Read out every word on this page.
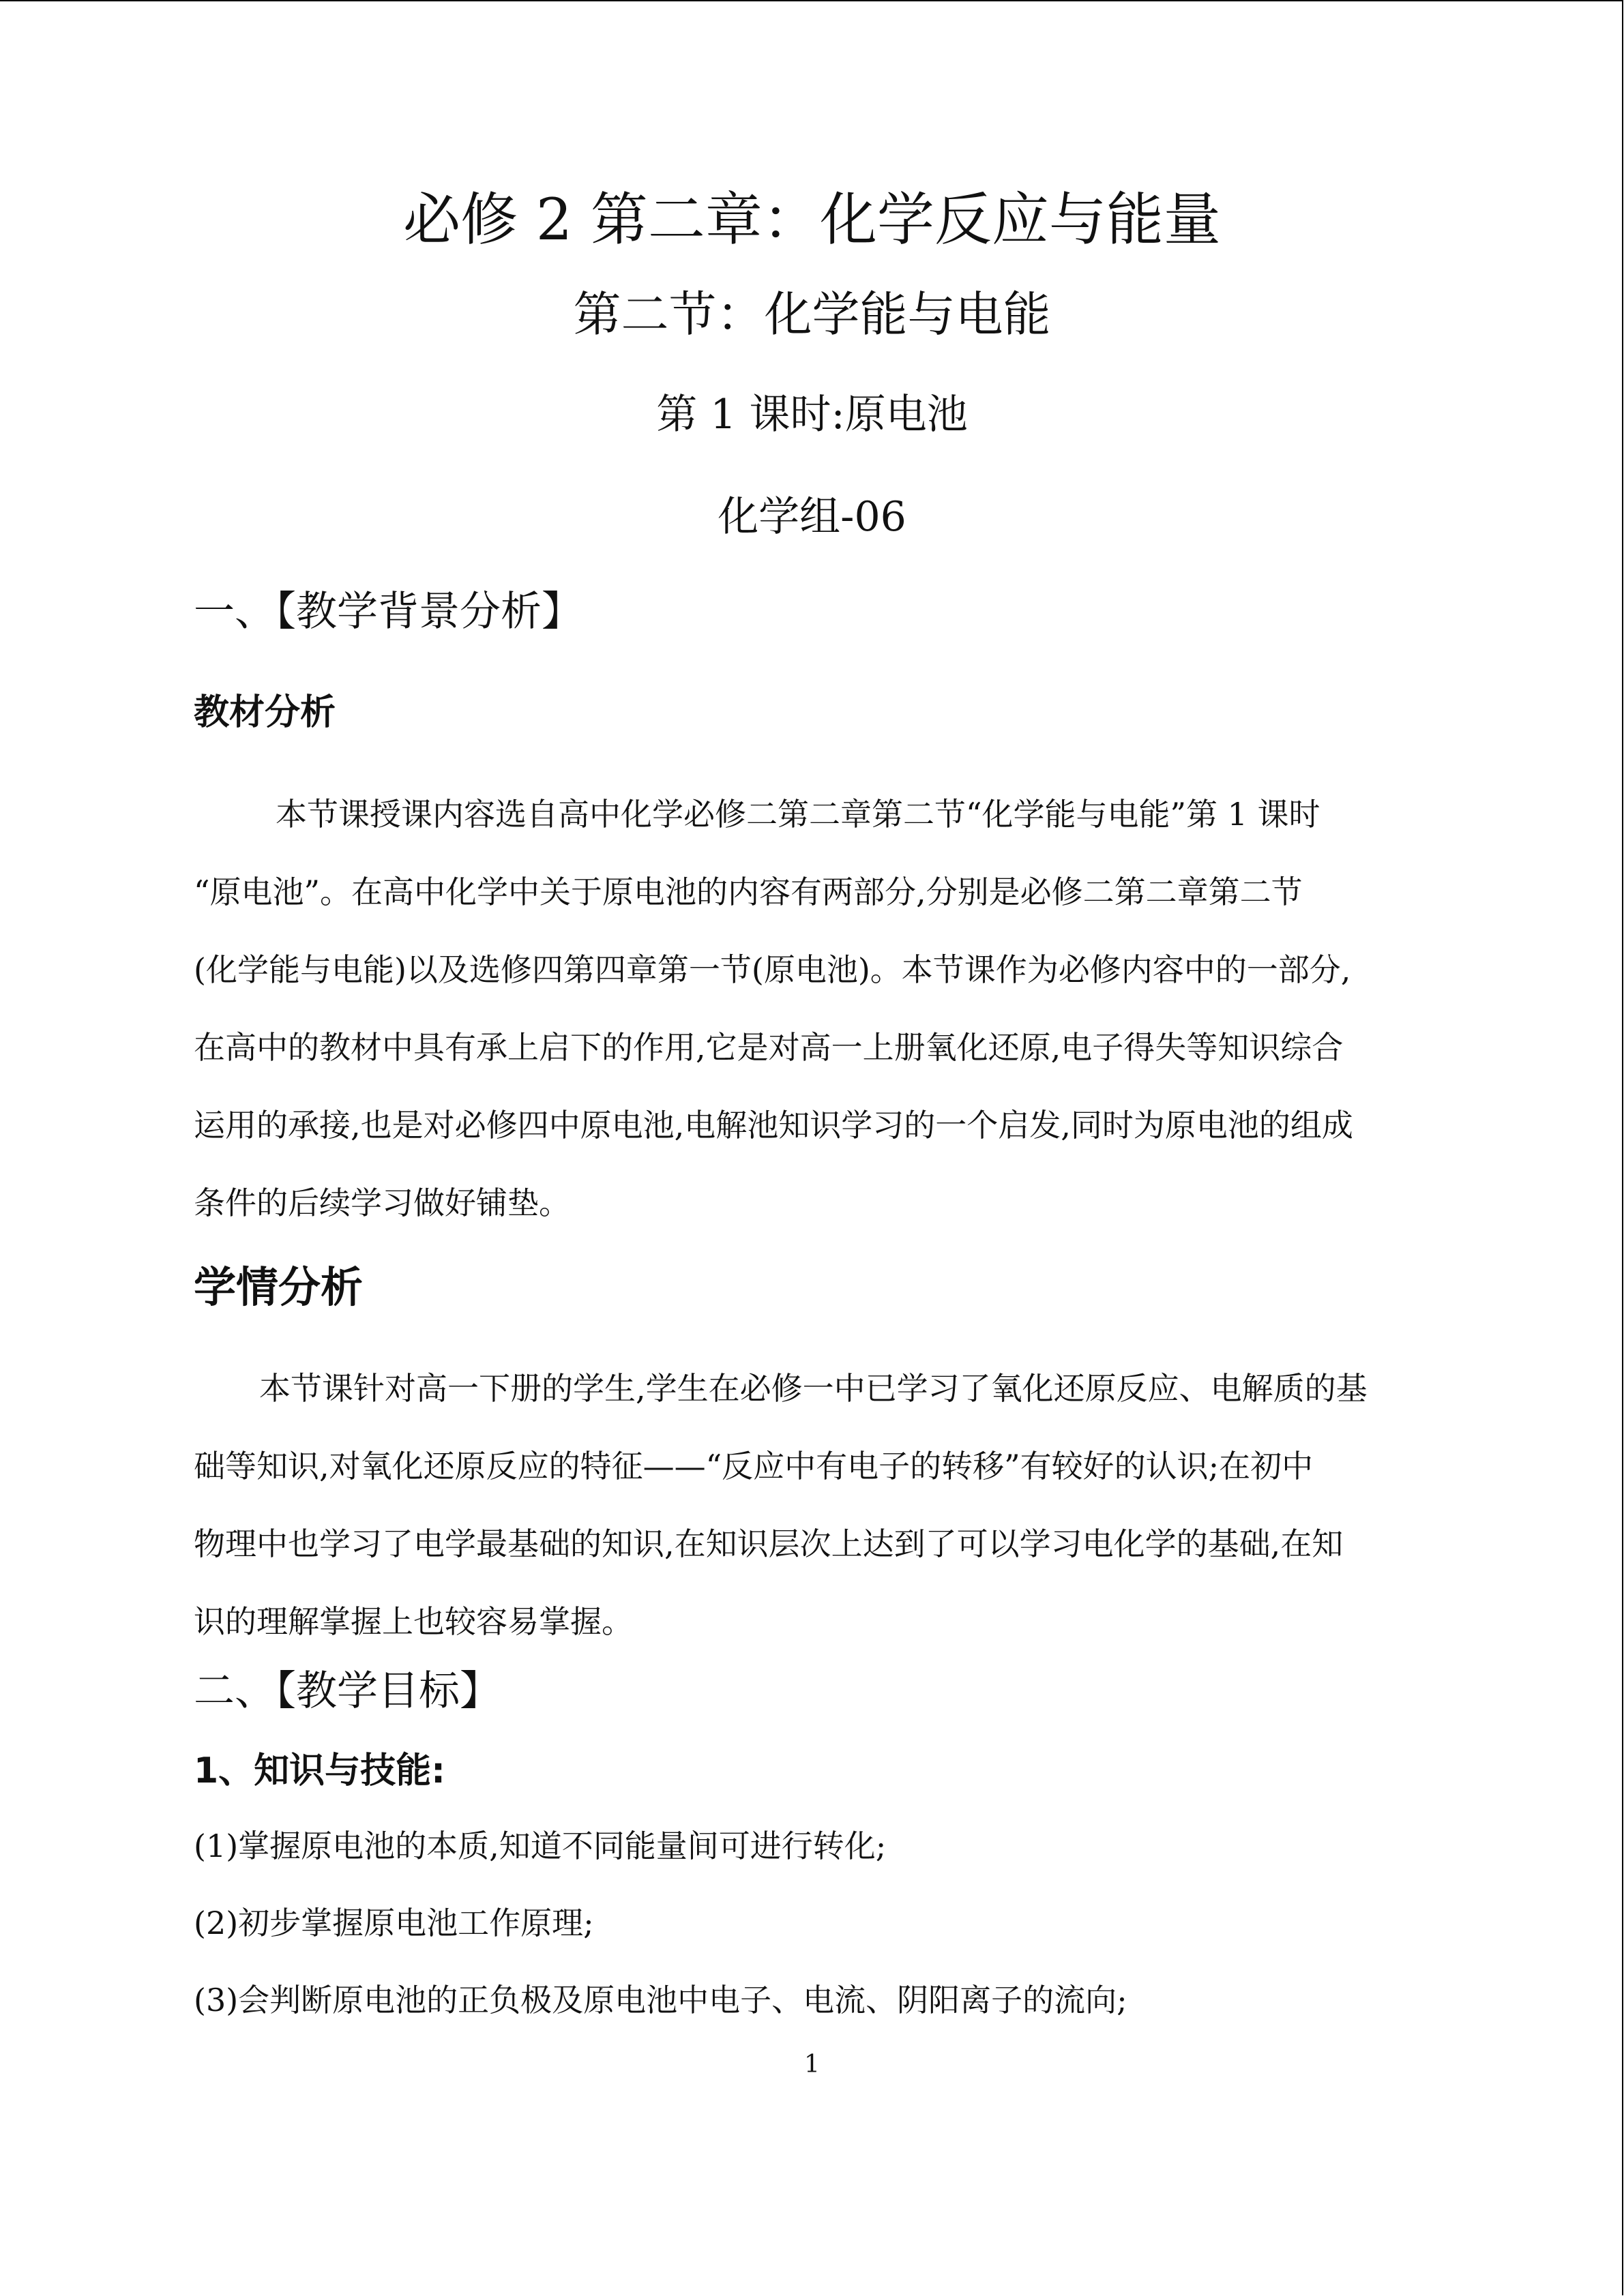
必修 2 第二章：化学反应与能量
第二节：化学能与电能
第 1 课时:原电池
化学组-06
一、【教学背景分析】
教材分析
本节课授课内容选自高中化学必修二第二章第二节“化学能与电能”第 1 课时
“原电池”。在高中化学中关于原电池的内容有两部分,分别是必修二第二章第二节
(化学能与电能)以及选修四第四章第一节(原电池)。本节课作为必修内容中的一部分,
在高中的教材中具有承上启下的作用,它是对高一上册氧化还原,电子得失等知识综合
运用的承接,也是对必修四中原电池,电解池知识学习的一个启发,同时为原电池的组成
条件的后续学习做好铺垫。
学情分析
本节课针对高一下册的学生,学生在必修一中已学习了氧化还原反应、电解质的基
础等知识,对氧化还原反应的特征——“反应中有电子的转移”有较好的认识;在初中
物理中也学习了电学最基础的知识,在知识层次上达到了可以学习电化学的基础,在知
识的理解掌握上也较容易掌握。
二、【教学目标】
1、知识与技能:
(1)掌握原电池的本质,知道不同能量间可进行转化;
(2)初步掌握原电池工作原理;
(3)会判断原电池的正负极及原电池中电子、电流、阴阳离子的流向;
1
